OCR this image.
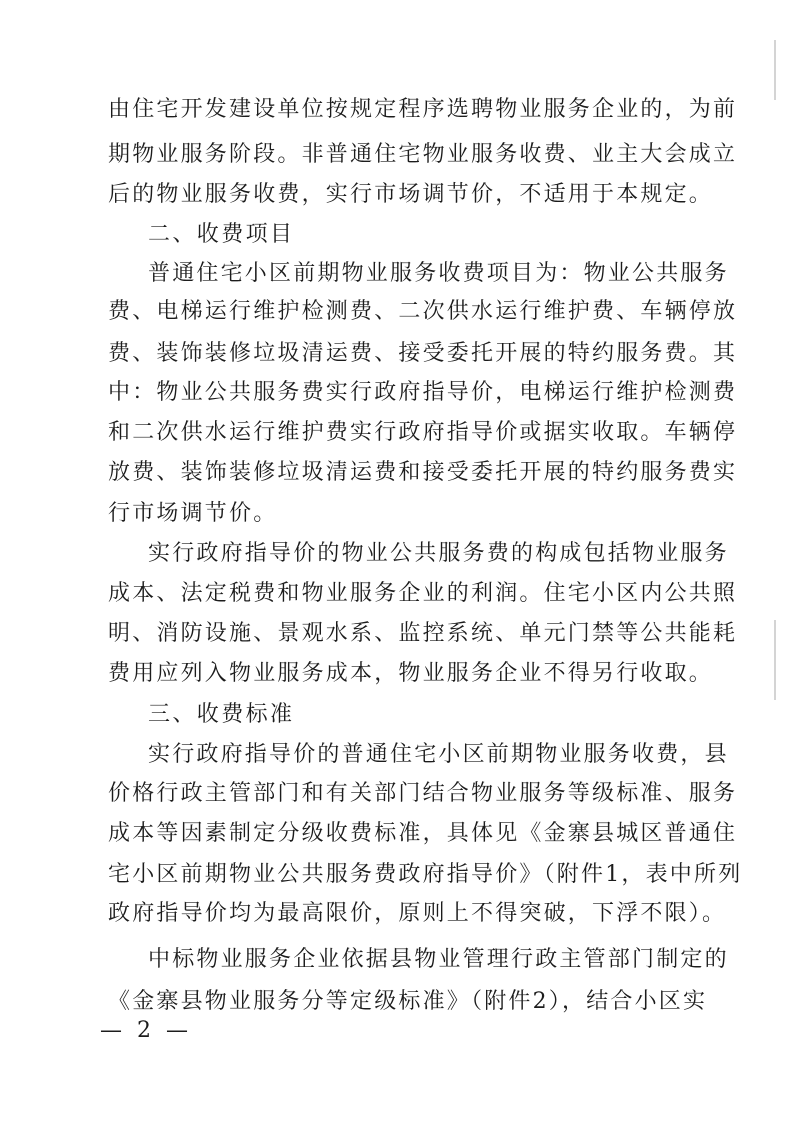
由住宅开发建设单位按规定程序选聘物业服务企业的，为前
期物业服务阶段。非普通住宅物业服务收费、业主大会成立
后的物业服务收费，实行市场调节价，不适用于本规定。
二、收费项目
普通住宅小区前期物业服务收费项目为：物业公共服务
费、电梯运行维护检测费、二次供水运行维护费、车辆停放
费、装饰装修垃圾清运费、接受委托开展的特约服务费。其
中：物业公共服务费实行政府指导价，电梯运行维护检测费
和二次供水运行维护费实行政府指导价或据实收取。车辆停
放费、装饰装修垃圾清运费和接受委托开展的特约服务费实
行市场调节价。
实行政府指导价的物业公共服务费的构成包括物业服务
成本、法定税费和物业服务企业的利润。住宅小区内公共照
明、消防设施、景观水系、监控系统、单元门禁等公共能耗
费用应列入物业服务成本，物业服务企业不得另行收取。
三、收费标准
实行政府指导价的普通住宅小区前期物业服务收费，县
价格行政主管部门和有关部门结合物业服务等级标准、服务
成本等因素制定分级收费标准，具体见《金寨县城区普通住
宅小区前期物业公共服务费政府指导价》（附件1，表中所列
政府指导价均为最高限价，原则上不得突破，下浮不限）。
中标物业服务企业依据县物业管理行政主管部门制定的
《金寨县物业服务分等定级标准》（附件2），结合小区实
— 2 —
